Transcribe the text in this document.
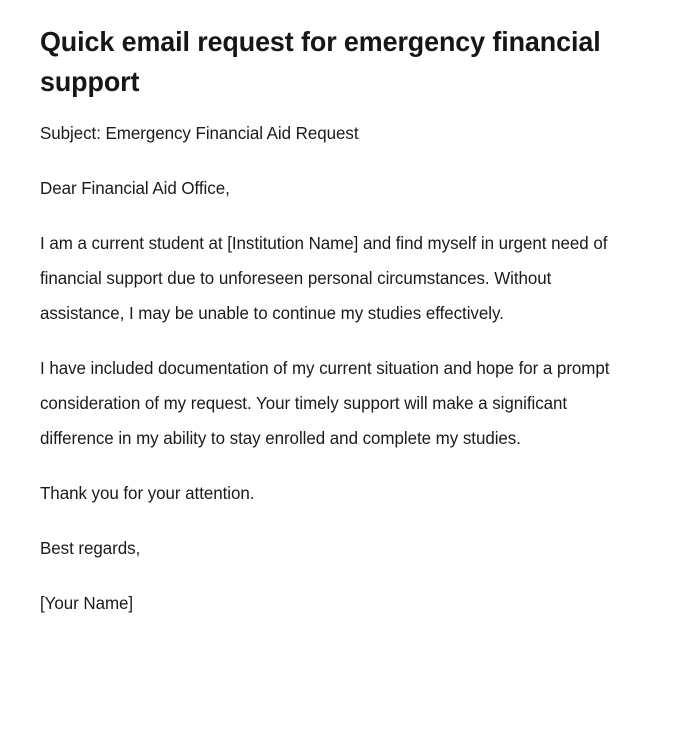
Quick email request for emergency financial support

Subject: Emergency Financial Aid Request

Dear Financial Aid Office,

I am a current student at [Institution Name] and find myself in urgent need of financial support due to unforeseen personal circumstances. Without assistance, I may be unable to continue my studies effectively.

I have included documentation of my current situation and hope for a prompt consideration of my request. Your timely support will make a significant difference in my ability to stay enrolled and complete my studies.

Thank you for your attention.

Best regards,

[Your Name]
